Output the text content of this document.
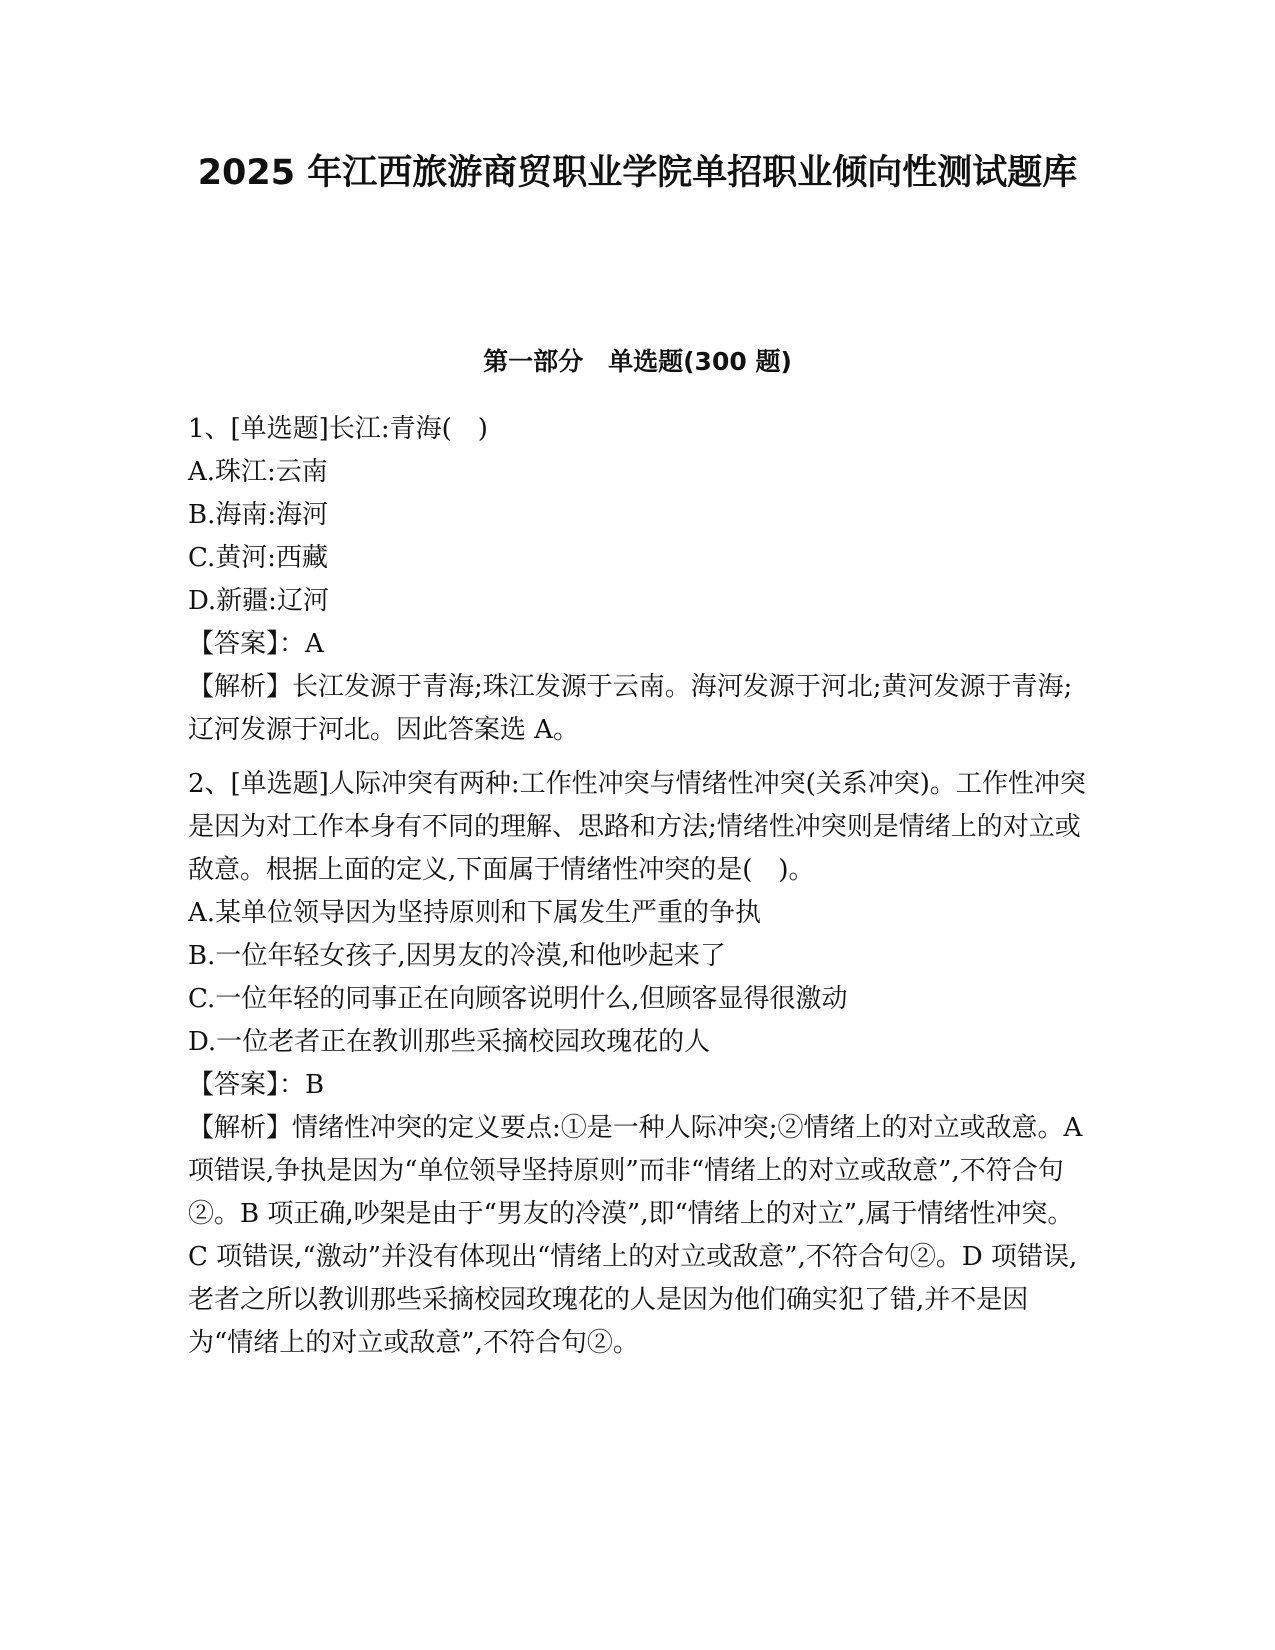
2025 年江西旅游商贸职业学院单招职业倾向性测试题库
第一部分　单选题(300 题)
1、[单选题]长江:青海(　)
A.珠江:云南
B.海南:海河
C.黄河:西藏
D.新疆:辽河
【答案】：A
【解析】长江发源于青海;珠江发源于云南。海河发源于河北;黄河发源于青海;辽河发源于河北。因此答案选 A。
2、[单选题]人际冲突有两种:工作性冲突与情绪性冲突(关系冲突)。工作性冲突是因为对工作本身有不同的理解、思路和方法;情绪性冲突则是情绪上的对立或敌意。根据上面的定义,下面属于情绪性冲突的是(　)。
A.某单位领导因为坚持原则和下属发生严重的争执
B.一位年轻女孩子,因男友的冷漠,和他吵起来了
C.一位年轻的同事正在向顾客说明什么,但顾客显得很激动
D.一位老者正在教训那些采摘校园玫瑰花的人
【答案】：B
【解析】情绪性冲突的定义要点:①是一种人际冲突;②情绪上的对立或敌意。A 项错误,争执是因为“单位领导坚持原则”而非“情绪上的对立或敌意”,不符合句②。B 项正确,吵架是由于“男友的冷漠”,即“情绪上的对立”,属于情绪性冲突。C 项错误,“激动”并没有体现出“情绪上的对立或敌意”,不符合句②。D 项错误,老者之所以教训那些采摘校园玫瑰花的人是因为他们确实犯了错,并不是因为“情绪上的对立或敌意”,不符合句②。
